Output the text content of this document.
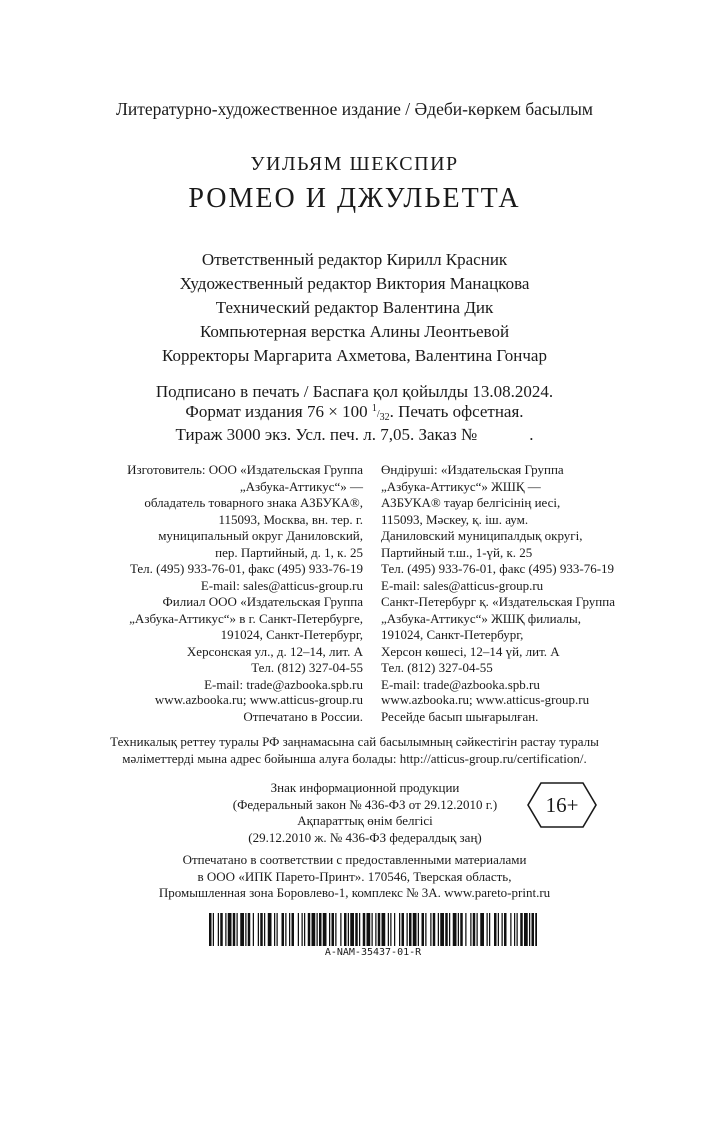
Литературно-художественное издание / Әдеби-көркем басылым
УИЛЬЯМ ШЕКСПИР
РОМЕО И ДЖУЛЬЕТТА
Ответственный редактор Кирилл Красник
Художественный редактор Виктория Манацкова
Технический редактор Валентина Дик
Компьютерная верстка Алины Леонтьевой
Корректоры Маргарита Ахметова, Валентина Гончар
Подписано в печать / Баспаға қол қойылды 13.08.2024.
Формат издания 76 × 100 1/32. Печать офсетная.
Тираж 3000 экз. Усл. печ. л. 7,05. Заказ №	.
Изготовитель: ООО «Издательская Группа
„Азбука-Аттикус“» —
обладатель товарного знака АЗБУКА®,
115093, Москва, вн. тер. г.
муниципальный округ Даниловский,
пер. Партийный, д. 1, к. 25
Тел. (495) 933-76-01, факс (495) 933-76-19
E-mail: sales@atticus-group.ru
Өндіруші: «Издательская Группа
„Азбука-Аттикус“» ЖШҚ —
АЗБУКА® тауар белгісінің иесі,
115093, Мәскеу, қ. іш. аум.
Даниловский муниципалдық округі,
Партийный т.ш., 1-үй, к. 25
Тел. (495) 933-76-01, факс (495) 933-76-19
E-mail: sales@atticus-group.ru
Филиал ООО «Издательская Группа
„Азбука-Аттикус“» в г. Санкт-Петербурге,
191024, Санкт-Петербург,
Херсонская ул., д. 12–14, лит. А
Тел. (812) 327-04-55
E-mail: trade@azbooka.spb.ru
Санкт-Петербург қ. «Издательская Группа
„Азбука-Аттикус“» ЖШҚ филиалы,
191024, Санкт-Петербург,
Херсон көшесі, 12–14 үй, лит. А
Тел. (812) 327-04-55
E-mail: trade@azbooka.spb.ru
www.azbooka.ru; www.atticus-group.ru
Отпечатано в России.
www.azbooka.ru; www.atticus-group.ru
Ресейде басып шығарылған.
Техникалық реттеу туралы РФ заңнамасына сай басылымның сәйкестігін растау туралы
мәліметтерді мына адрес бойынша алуға болады: http://atticus-group.ru/certification/.
Знак информационной продукции
(Федеральный закон № 436-ФЗ от 29.12.2010 г.)
Ақпараттық өнім белгісі
(29.12.2010 ж. № 436-ФЗ федералдық заң)
16+
Отпечатано в соответствии с предоставленными материалами
в ООО «ИПК Парето-Принт». 170546, Тверская область,
Промышленная зона Боровлево-1, комплекс № 3А. www.pareto-print.ru
A-NAM-35437-01-R
